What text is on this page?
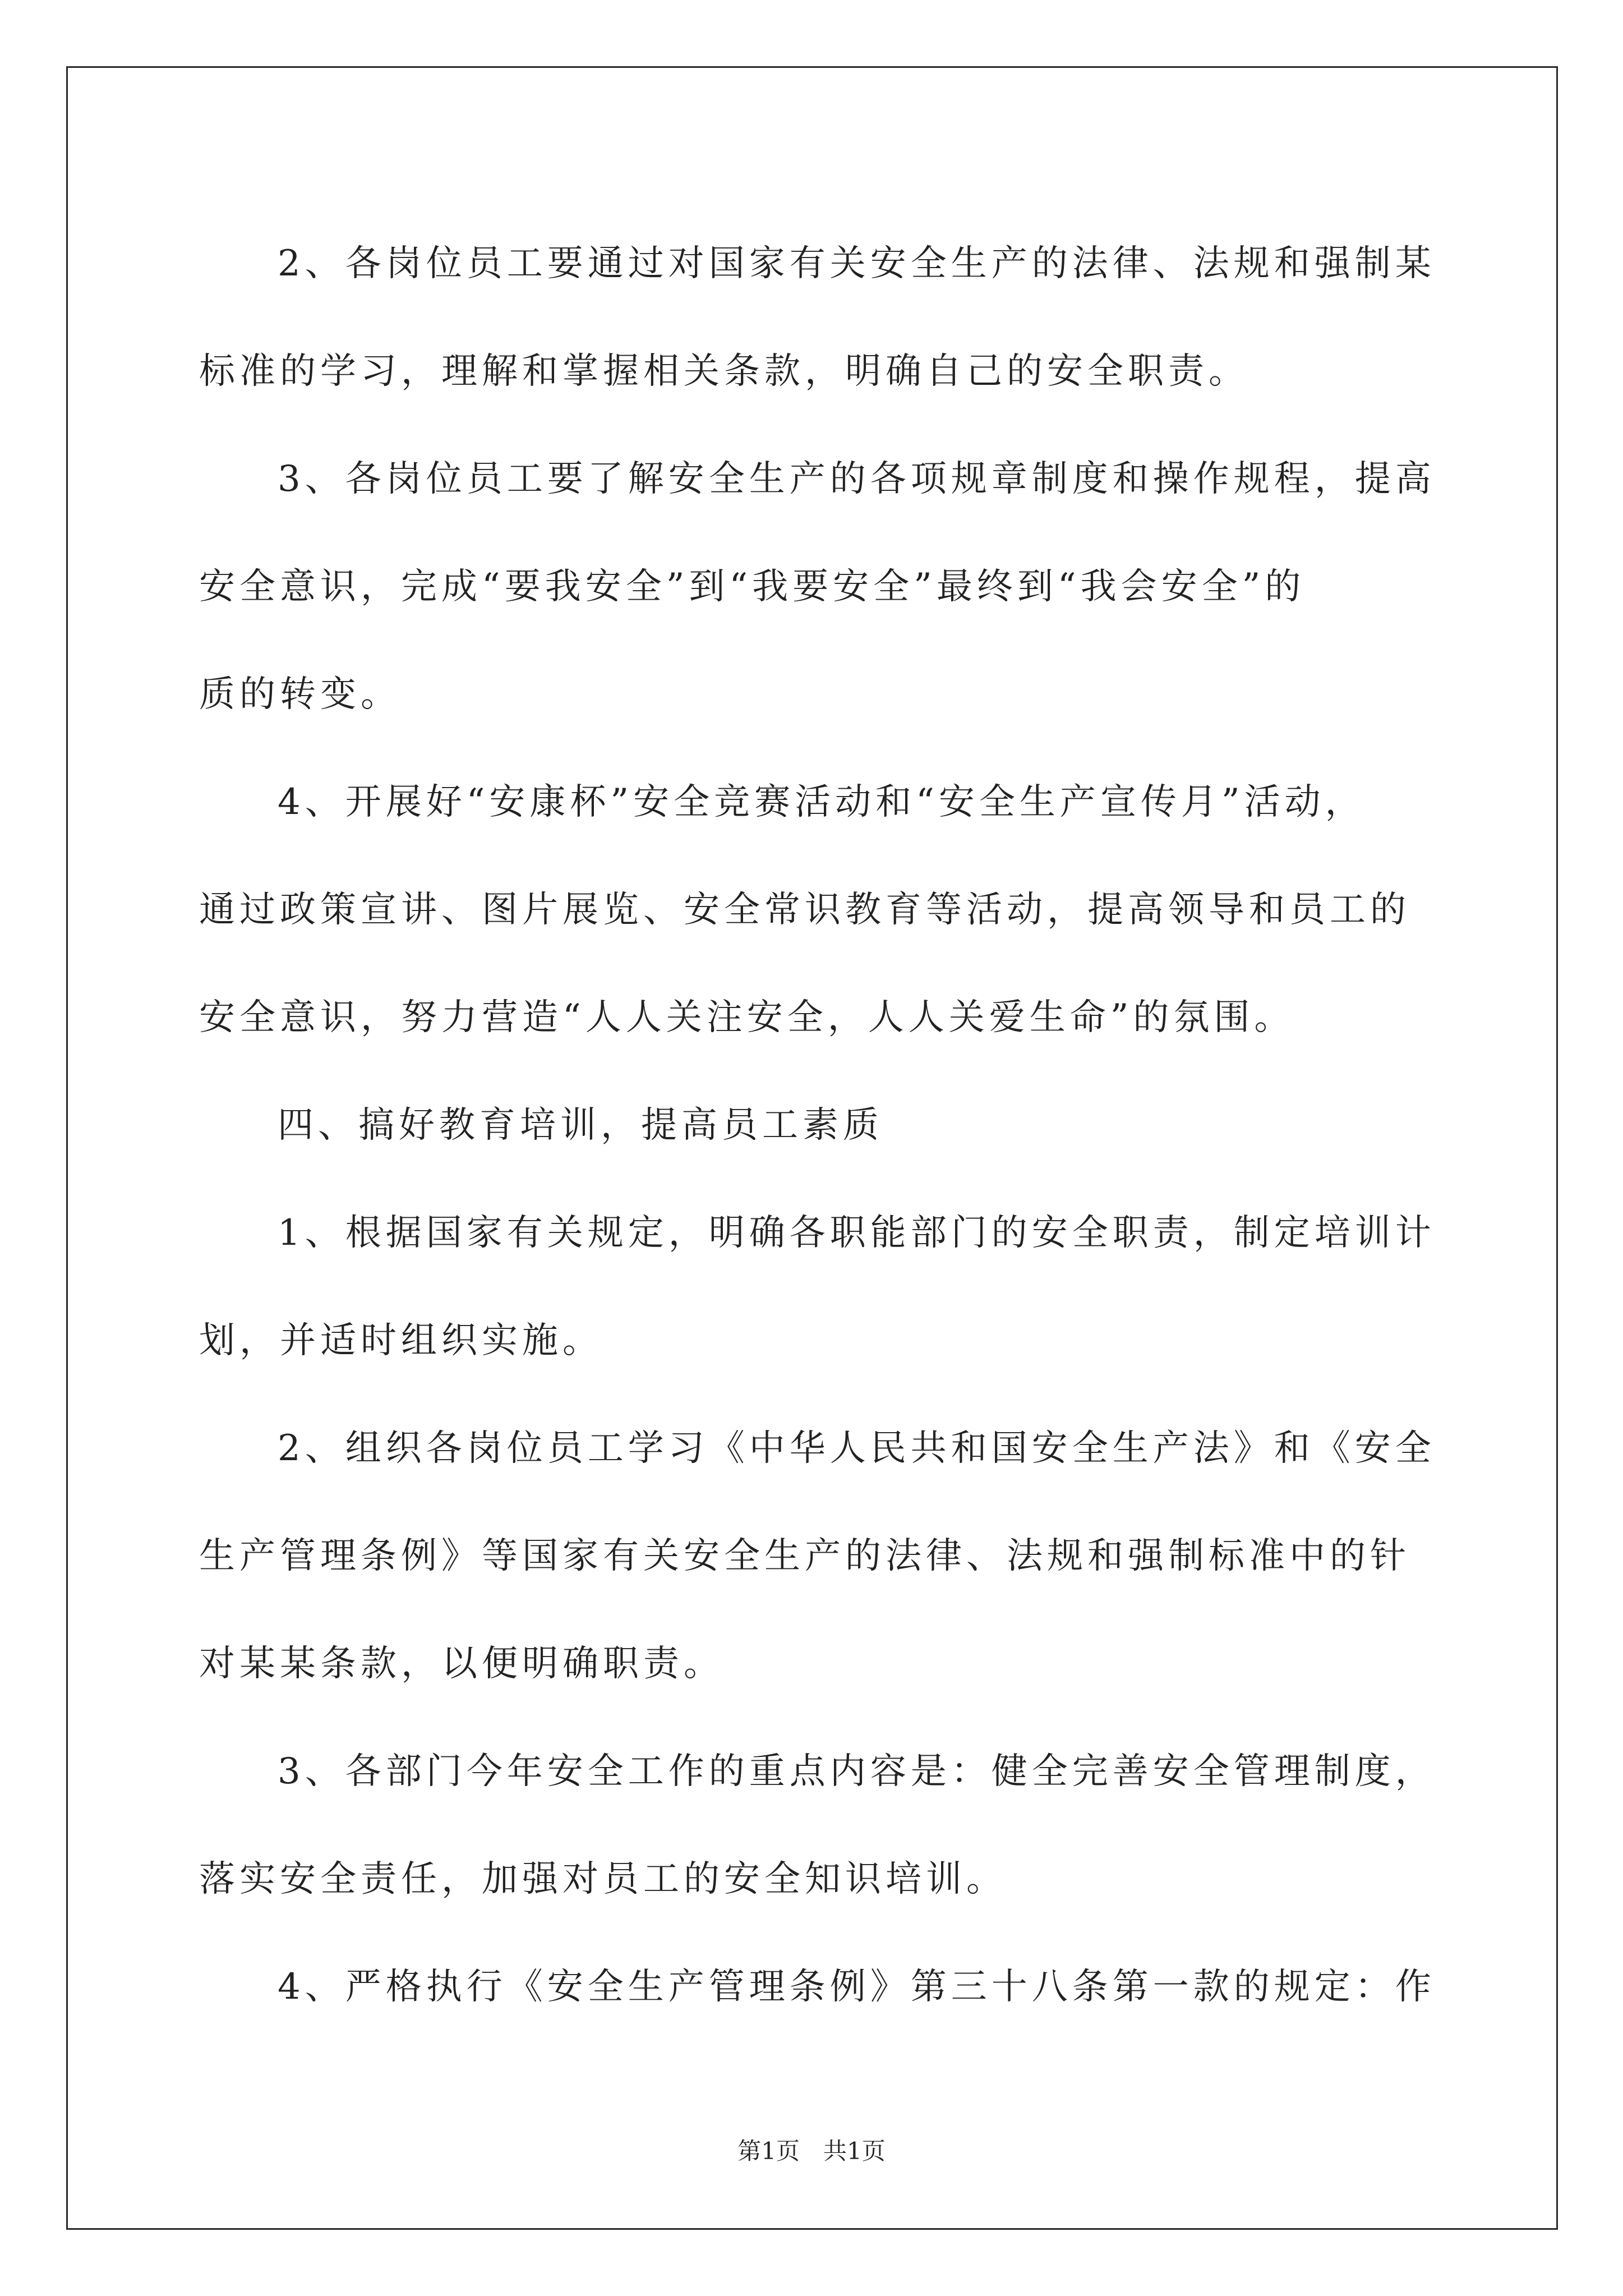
2、各岗位员工要通过对国家有关安全生产的法律、法规和强制某
标准的学习，理解和掌握相关条款，明确自己的安全职责。

3、各岗位员工要了解安全生产的各项规章制度和操作规程，提高
安全意识，完成“要我安全”到“我要安全”最终到“我会安全”的
质的转变。

4、开展好“安康杯”安全竞赛活动和“安全生产宣传月”活动，
通过政策宣讲、图片展览、安全常识教育等活动，提高领导和员工的
安全意识，努力营造“人人关注安全，人人关爱生命”的氛围。

四、搞好教育培训，提高员工素质

1、根据国家有关规定，明确各职能部门的安全职责，制定培训计
划，并适时组织实施。

2、组织各岗位员工学习《中华人民共和国安全生产法》和《安全
生产管理条例》等国家有关安全生产的法律、法规和强制标准中的针
对某某条款，以便明确职责。

3、各部门今年安全工作的重点内容是：健全完善安全管理制度，
落实安全责任，加强对员工的安全知识培训。

4、严格执行《安全生产管理条例》第三十八条第一款的规定：作

第1页　共1页
